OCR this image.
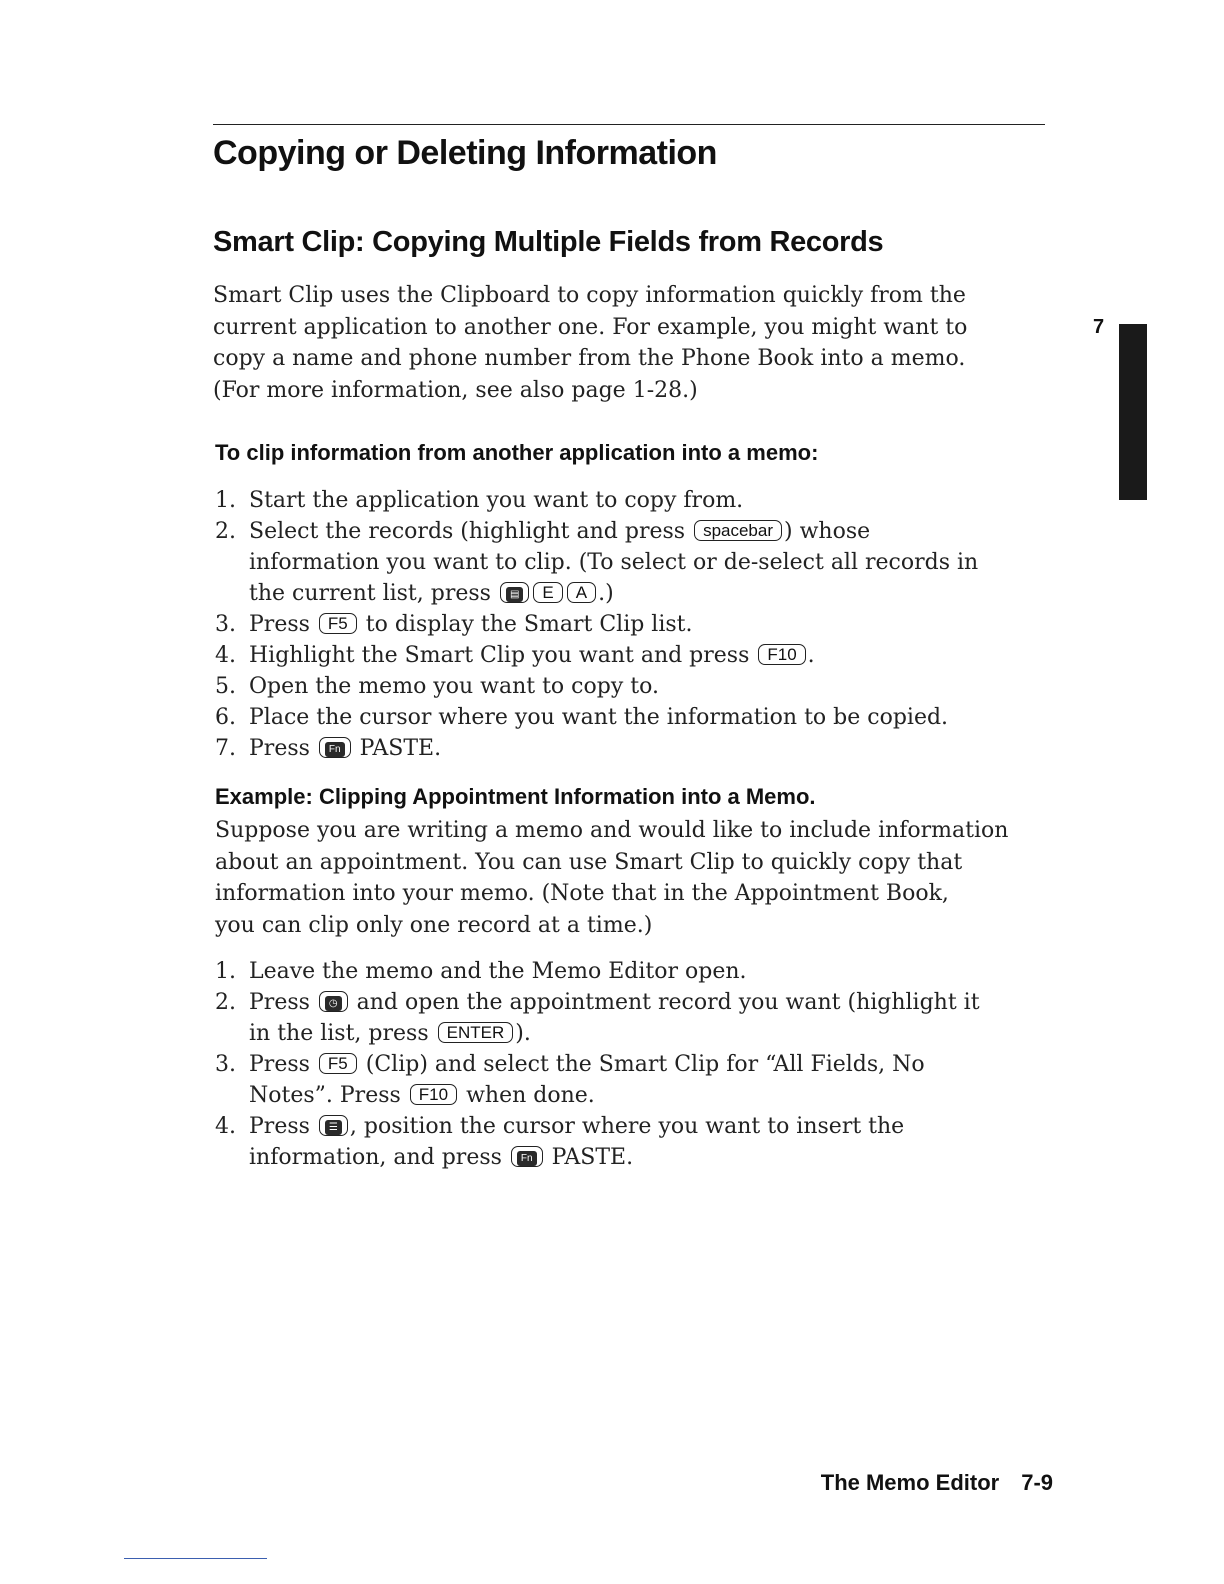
Copying or Deleting Information
Smart Clip: Copying Multiple Fields from Records
Smart Clip uses the Clipboard to copy information quickly from the
current application to another one. For example, you might want to
copy a name and phone number from the Phone Book into a memo.
(For more information, see also page 1-28.)
7
To clip information from another application into a memo:
1. Start the application you want to copy from.
2. Select the records (highlight and press spacebar ) whose
information you want to clip. (To select or de-select all records in
the current list, press ▤ E A .)
3. Press F5 to display the Smart Clip list.
4. Highlight the Smart Clip you want and press F10 .
5. Open the memo you want to copy to.
6. Place the cursor where you want the information to be copied.
7. Press Fn PASTE.
Example: Clipping Appointment Information into a Memo.
Suppose you are writing a memo and would like to include information
about an appointment. You can use Smart Clip to quickly copy that
information into your memo. (Note that in the Appointment Book,
you can clip only one record at a time.)
1. Leave the memo and the Memo Editor open.
2. Press ◷ and open the appointment record you want (highlight it
in the list, press ENTER ).
3. Press F5 (Clip) and select the Smart Clip for “All Fields, No
Notes”. Press F10 when done.
4. Press ☰ , position the cursor where you want to insert the
information, and press Fn PASTE.
The Memo Editor 7-9
